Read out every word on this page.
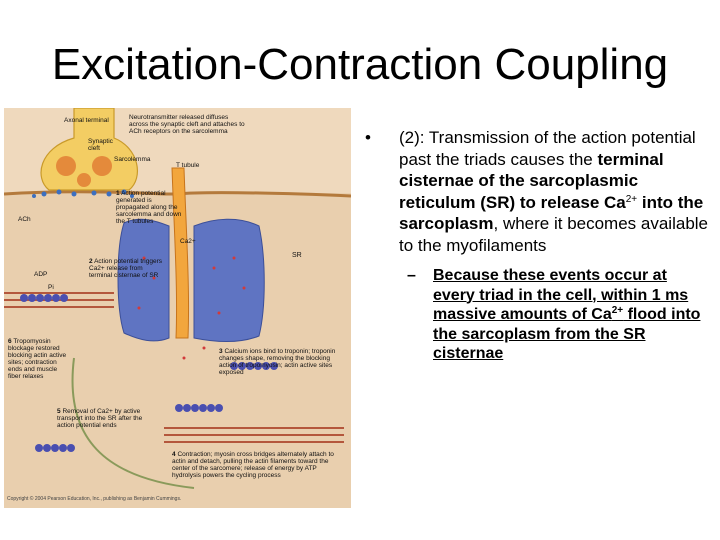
Excitation-Contraction Coupling
Axonal terminal
Synaptic cleft
Sarcolemma
T tubule
Neurotransmitter released diffuses across the synaptic cleft and attaches to ACh receptors on the sarcolemma
ACh
1 Action potential generated is propagated along the sarcolemma and down the T tubules
2 Action potential triggers Ca2+ release from terminal cisternae of SR
3 Calcium ions bind to troponin; troponin changes shape, removing the blocking action of tropomyosin; actin active sites exposed
4 Contraction; myosin cross bridges alternately attach to actin and detach, pulling the actin filaments toward the center of the sarcomere; release of energy by ATP hydrolysis powers the cycling process
5 Removal of Ca2+ by active transport into the SR after the action potential ends
6 Tropomyosin blockage restored blocking actin active sites; contraction ends and muscle fiber relaxes
SR
Ca2+
ADP
Pi
Copyright © 2004 Pearson Education, Inc., publishing as Benjamin Cummings.
• (2): Transmission of the action potential past the triads causes the terminal cisternae of the sarcoplasmic reticulum (SR) to release $Ca^{2+}$ into the sarcoplasm, where it becomes available to the myofilaments
– Because these events occur at every triad in the cell, within 1 ms massive amounts of $Ca^{2+}$ flood into the sarcoplasm from the SR cisternae
